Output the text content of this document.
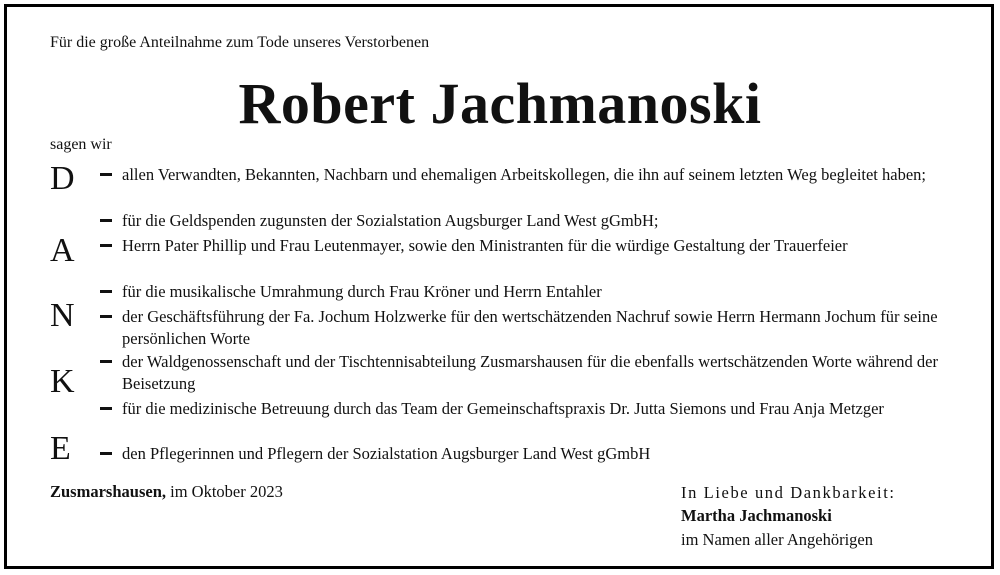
Für die große Anteilnahme zum Tode unseres Verstorbenen
Robert Jachmanoski
sagen wir
D
A
N
K
E
allen Verwandten, Bekannten, Nachbarn und ehemaligen Arbeitskollegen, die ihn auf seinem letzten Weg begleitet haben;
für die Geldspenden zugunsten der Sozialstation Augsburger Land West gGmbH;
Herrn Pater Phillip und Frau Leutenmayer, sowie den Ministranten für die würdige Gestaltung der Trauerfeier
für die musikalische Umrahmung durch Frau Kröner und Herrn Entahler
der Geschäftsführung der Fa. Jochum Holzwerke für den wertschätzenden Nachruf sowie Herrn Hermann Jochum für seine persönlichen Worte
der Waldgenossenschaft und der Tischtennisabteilung Zusmarshausen für die ebenfalls wertschätzenden Worte während der Beisetzung
für die medizinische Betreuung durch das Team der Gemeinschaftspraxis Dr. Jutta Siemons und Frau Anja Metzger
den Pflegerinnen und Pflegern der Sozialstation Augsburger Land West gGmbH
Zusmarshausen, im Oktober 2023	In Liebe und Dankbarkeit:
Martha Jachmanoski
im Namen aller Angehörigen
